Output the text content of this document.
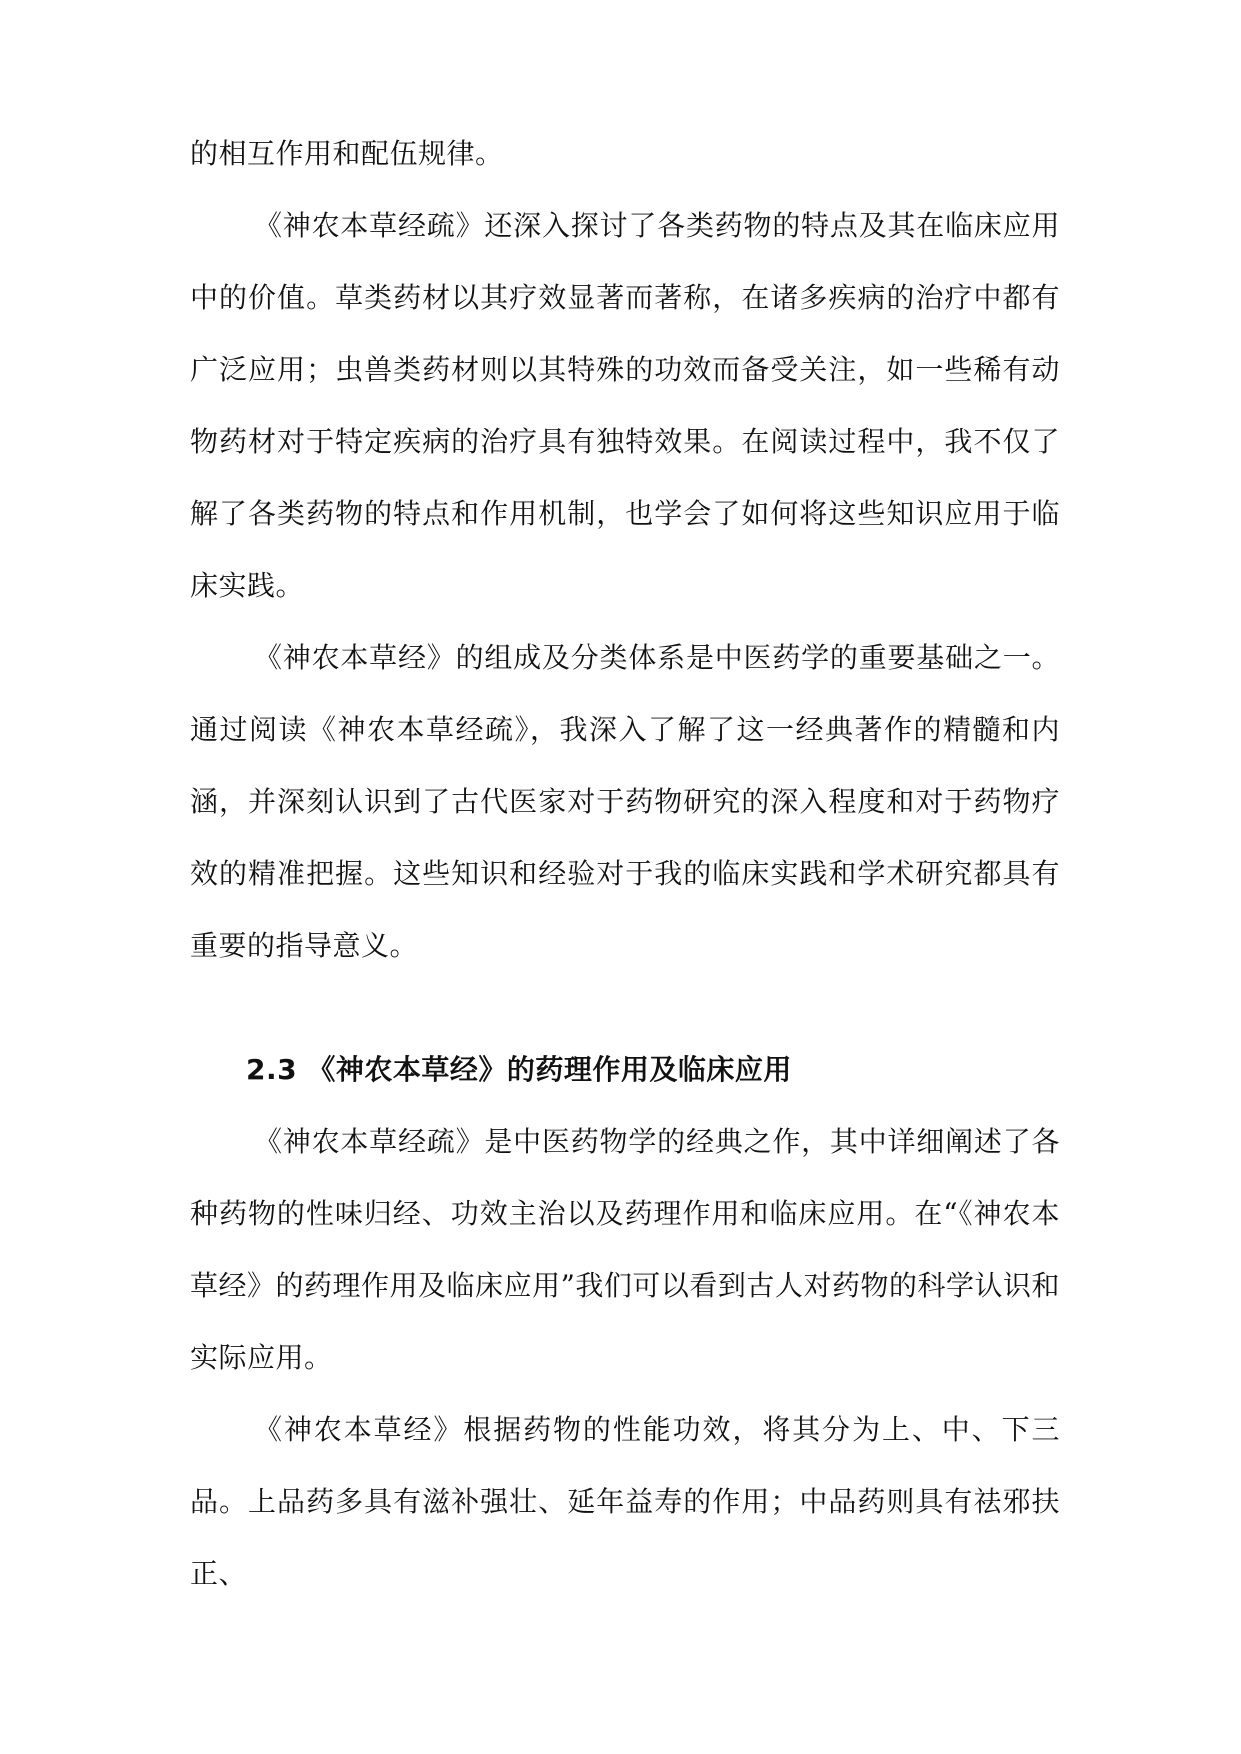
的相互作用和配伍规律。

《神农本草经疏》还深入探讨了各类药物的特点及其在临床应用中的价值。草类药材以其疗效显著而著称，在诸多疾病的治疗中都有广泛应用；虫兽类药材则以其特殊的功效而备受关注，如一些稀有动物药材对于特定疾病的治疗具有独特效果。在阅读过程中，我不仅了解了各类药物的特点和作用机制，也学会了如何将这些知识应用于临床实践。

《神农本草经》的组成及分类体系是中医药学的重要基础之一。通过阅读《神农本草经疏》，我深入了解了这一经典著作的精髓和内涵，并深刻认识到了古代医家对于药物研究的深入程度和对于药物疗效的精准把握。这些知识和经验对于我的临床实践和学术研究都具有重要的指导意义。

2.3 《神农本草经》的药理作用及临床应用

《神农本草经疏》是中医药物学的经典之作，其中详细阐述了各种药物的性味归经、功效主治以及药理作用和临床应用。在“《神农本草经》的药理作用及临床应用”我们可以看到古人对药物的科学认识和实际应用。

《神农本草经》根据药物的性能功效，将其分为上、中、下三品。上品药多具有滋补强壮、延年益寿的作用；中品药则具有祛邪扶正、
